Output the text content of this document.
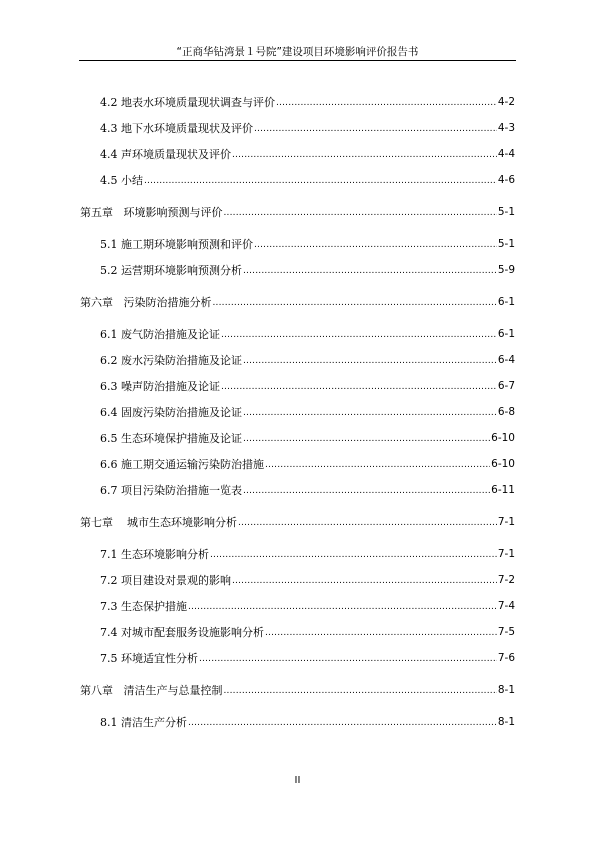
“正商华钻湾景１号院”建设项目环境影响评价报告书
4.2 地表水环境质量现状调查与评价 .....	4-2
4.3 地下水环境质量现状及评价 .....	4-3
4.4 声环境质量现状及评价 .....	4-4
4.5 小结 .....	4-6
第五章   环境影响预测与评价 .....	5-1
5.1 施工期环境影响预测和评价 .....	5-1
5.2 运营期环境影响预测分析 .....	5-9
第六章   污染防治措施分析 .....	6-1
6.1 废气防治措施及论证 .....	6-1
6.2 废水污染防治措施及论证 .....	6-4
6.3 噪声防治措施及论证 .....	6-7
6.4 固废污染防治措施及论证 .....	6-8
6.5 生态环境保护措施及论证 .....	6-10
6.6 施工期交通运输污染防治措施 .....	6-10
6.7 项目污染防治措施一览表 .....	6-11
第七章    城市生态环境影响分析 .....	7-1
7.1 生态环境影响分析 .....	7-1
7.2 项目建设对景观的影响 .....	7-2
7.3 生态保护措施 .....	7-4
7.4 对城市配套服务设施影响分析 .....	7-5
7.5 环境适宜性分析 .....	7-6
第八章   清洁生产与总量控制 .....	8-1
8.1 清洁生产分析 .....	8-1
II
